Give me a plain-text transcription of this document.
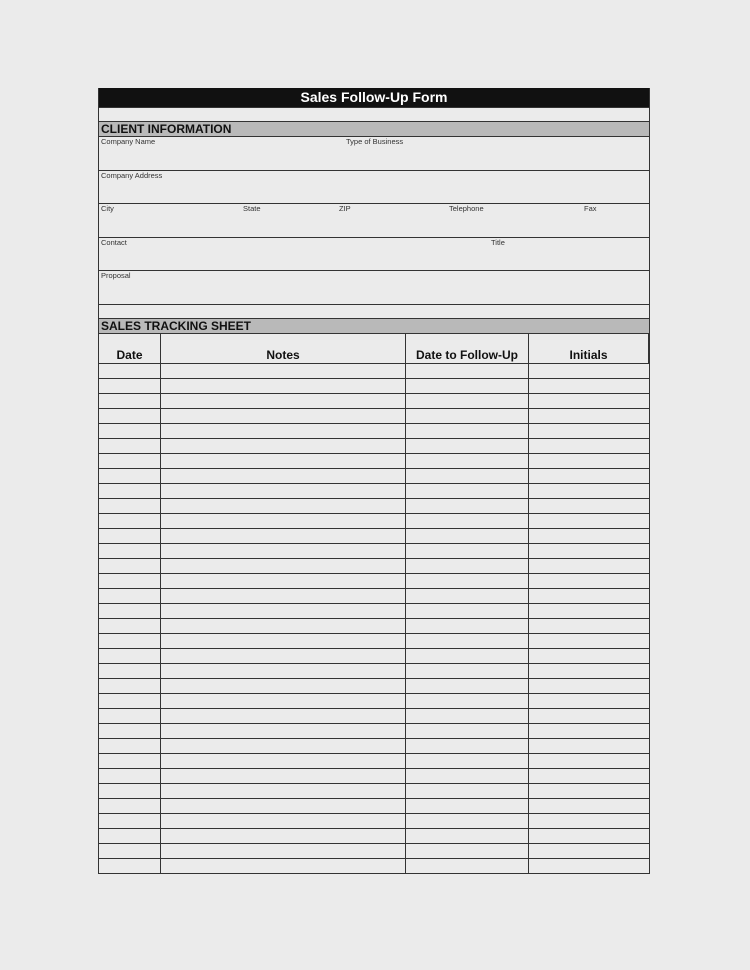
Sales Follow-Up Form
CLIENT INFORMATION
Company Name	Type of Business
Company Address
City	State	ZIP	Telephone	Fax
Contact	Title
Proposal
SALES TRACKING SHEET
Date	Notes	Date to Follow-Up	Initials
